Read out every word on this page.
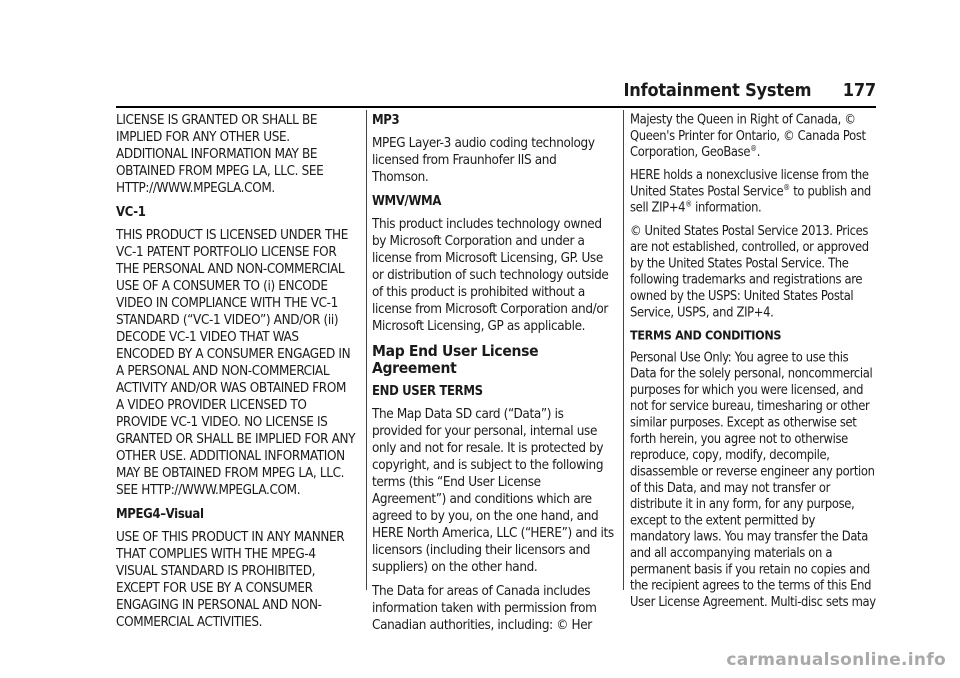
Infotainment System 177

LICENSE IS GRANTED OR SHALL BE IMPLIED FOR ANY OTHER USE. ADDITIONAL INFORMATION MAY BE OBTAINED FROM MPEG LA, LLC. SEE HTTP://WWW.MPEGLA.COM.

VC-1

THIS PRODUCT IS LICENSED UNDER THE VC-1 PATENT PORTFOLIO LICENSE FOR THE PERSONAL AND NON-COMMERCIAL USE OF A CONSUMER TO (i) ENCODE VIDEO IN COMPLIANCE WITH THE VC-1 STANDARD (“VC-1 VIDEO”) AND/OR (ii) DECODE VC-1 VIDEO THAT WAS ENCODED BY A CONSUMER ENGAGED IN A PERSONAL AND NON-COMMERCIAL ACTIVITY AND/OR WAS OBTAINED FROM A VIDEO PROVIDER LICENSED TO PROVIDE VC-1 VIDEO. NO LICENSE IS GRANTED OR SHALL BE IMPLIED FOR ANY OTHER USE. ADDITIONAL INFORMATION MAY BE OBTAINED FROM MPEG LA, LLC. SEE HTTP://WWW.MPEGLA.COM.

MPEG4–Visual

USE OF THIS PRODUCT IN ANY MANNER THAT COMPLIES WITH THE MPEG-4 VISUAL STANDARD IS PROHIBITED, EXCEPT FOR USE BY A CONSUMER ENGAGING IN PERSONAL AND NON-COMMERCIAL ACTIVITIES.

MP3

MPEG Layer-3 audio coding technology licensed from Fraunhofer IIS and Thomson.

WMV/WMA

This product includes technology owned by Microsoft Corporation and under a license from Microsoft Licensing, GP. Use or distribution of such technology outside of this product is prohibited without a license from Microsoft Corporation and/or Microsoft Licensing, GP as applicable.

Map End User License Agreement

END USER TERMS

The Map Data SD card (“Data”) is provided for your personal, internal use only and not for resale. It is protected by copyright, and is subject to the following terms (this “End User License Agreement”) and conditions which are agreed to by you, on the one hand, and HERE North America, LLC (“HERE”) and its licensors (including their licensors and suppliers) on the other hand.

The Data for areas of Canada includes information taken with permission from Canadian authorities, including: © Her

Majesty the Queen in Right of Canada, © Queen's Printer for Ontario, © Canada Post Corporation, GeoBase®.

HERE holds a nonexclusive license from the United States Postal Service® to publish and sell ZIP+4® information.

© United States Postal Service 2013. Prices are not established, controlled, or approved by the United States Postal Service. The following trademarks and registrations are owned by the USPS: United States Postal Service, USPS, and ZIP+4.

TERMS AND CONDITIONS

Personal Use Only: You agree to use this Data for the solely personal, noncommercial purposes for which you were licensed, and not for service bureau, timesharing or other similar purposes. Except as otherwise set forth herein, you agree not to otherwise reproduce, copy, modify, decompile, disassemble or reverse engineer any portion of this Data, and may not transfer or distribute it in any form, for any purpose, except to the extent permitted by mandatory laws. You may transfer the Data and all accompanying materials on a permanent basis if you retain no copies and the recipient agrees to the terms of this End User License Agreement. Multi-disc sets may

carmanualsonline.info
